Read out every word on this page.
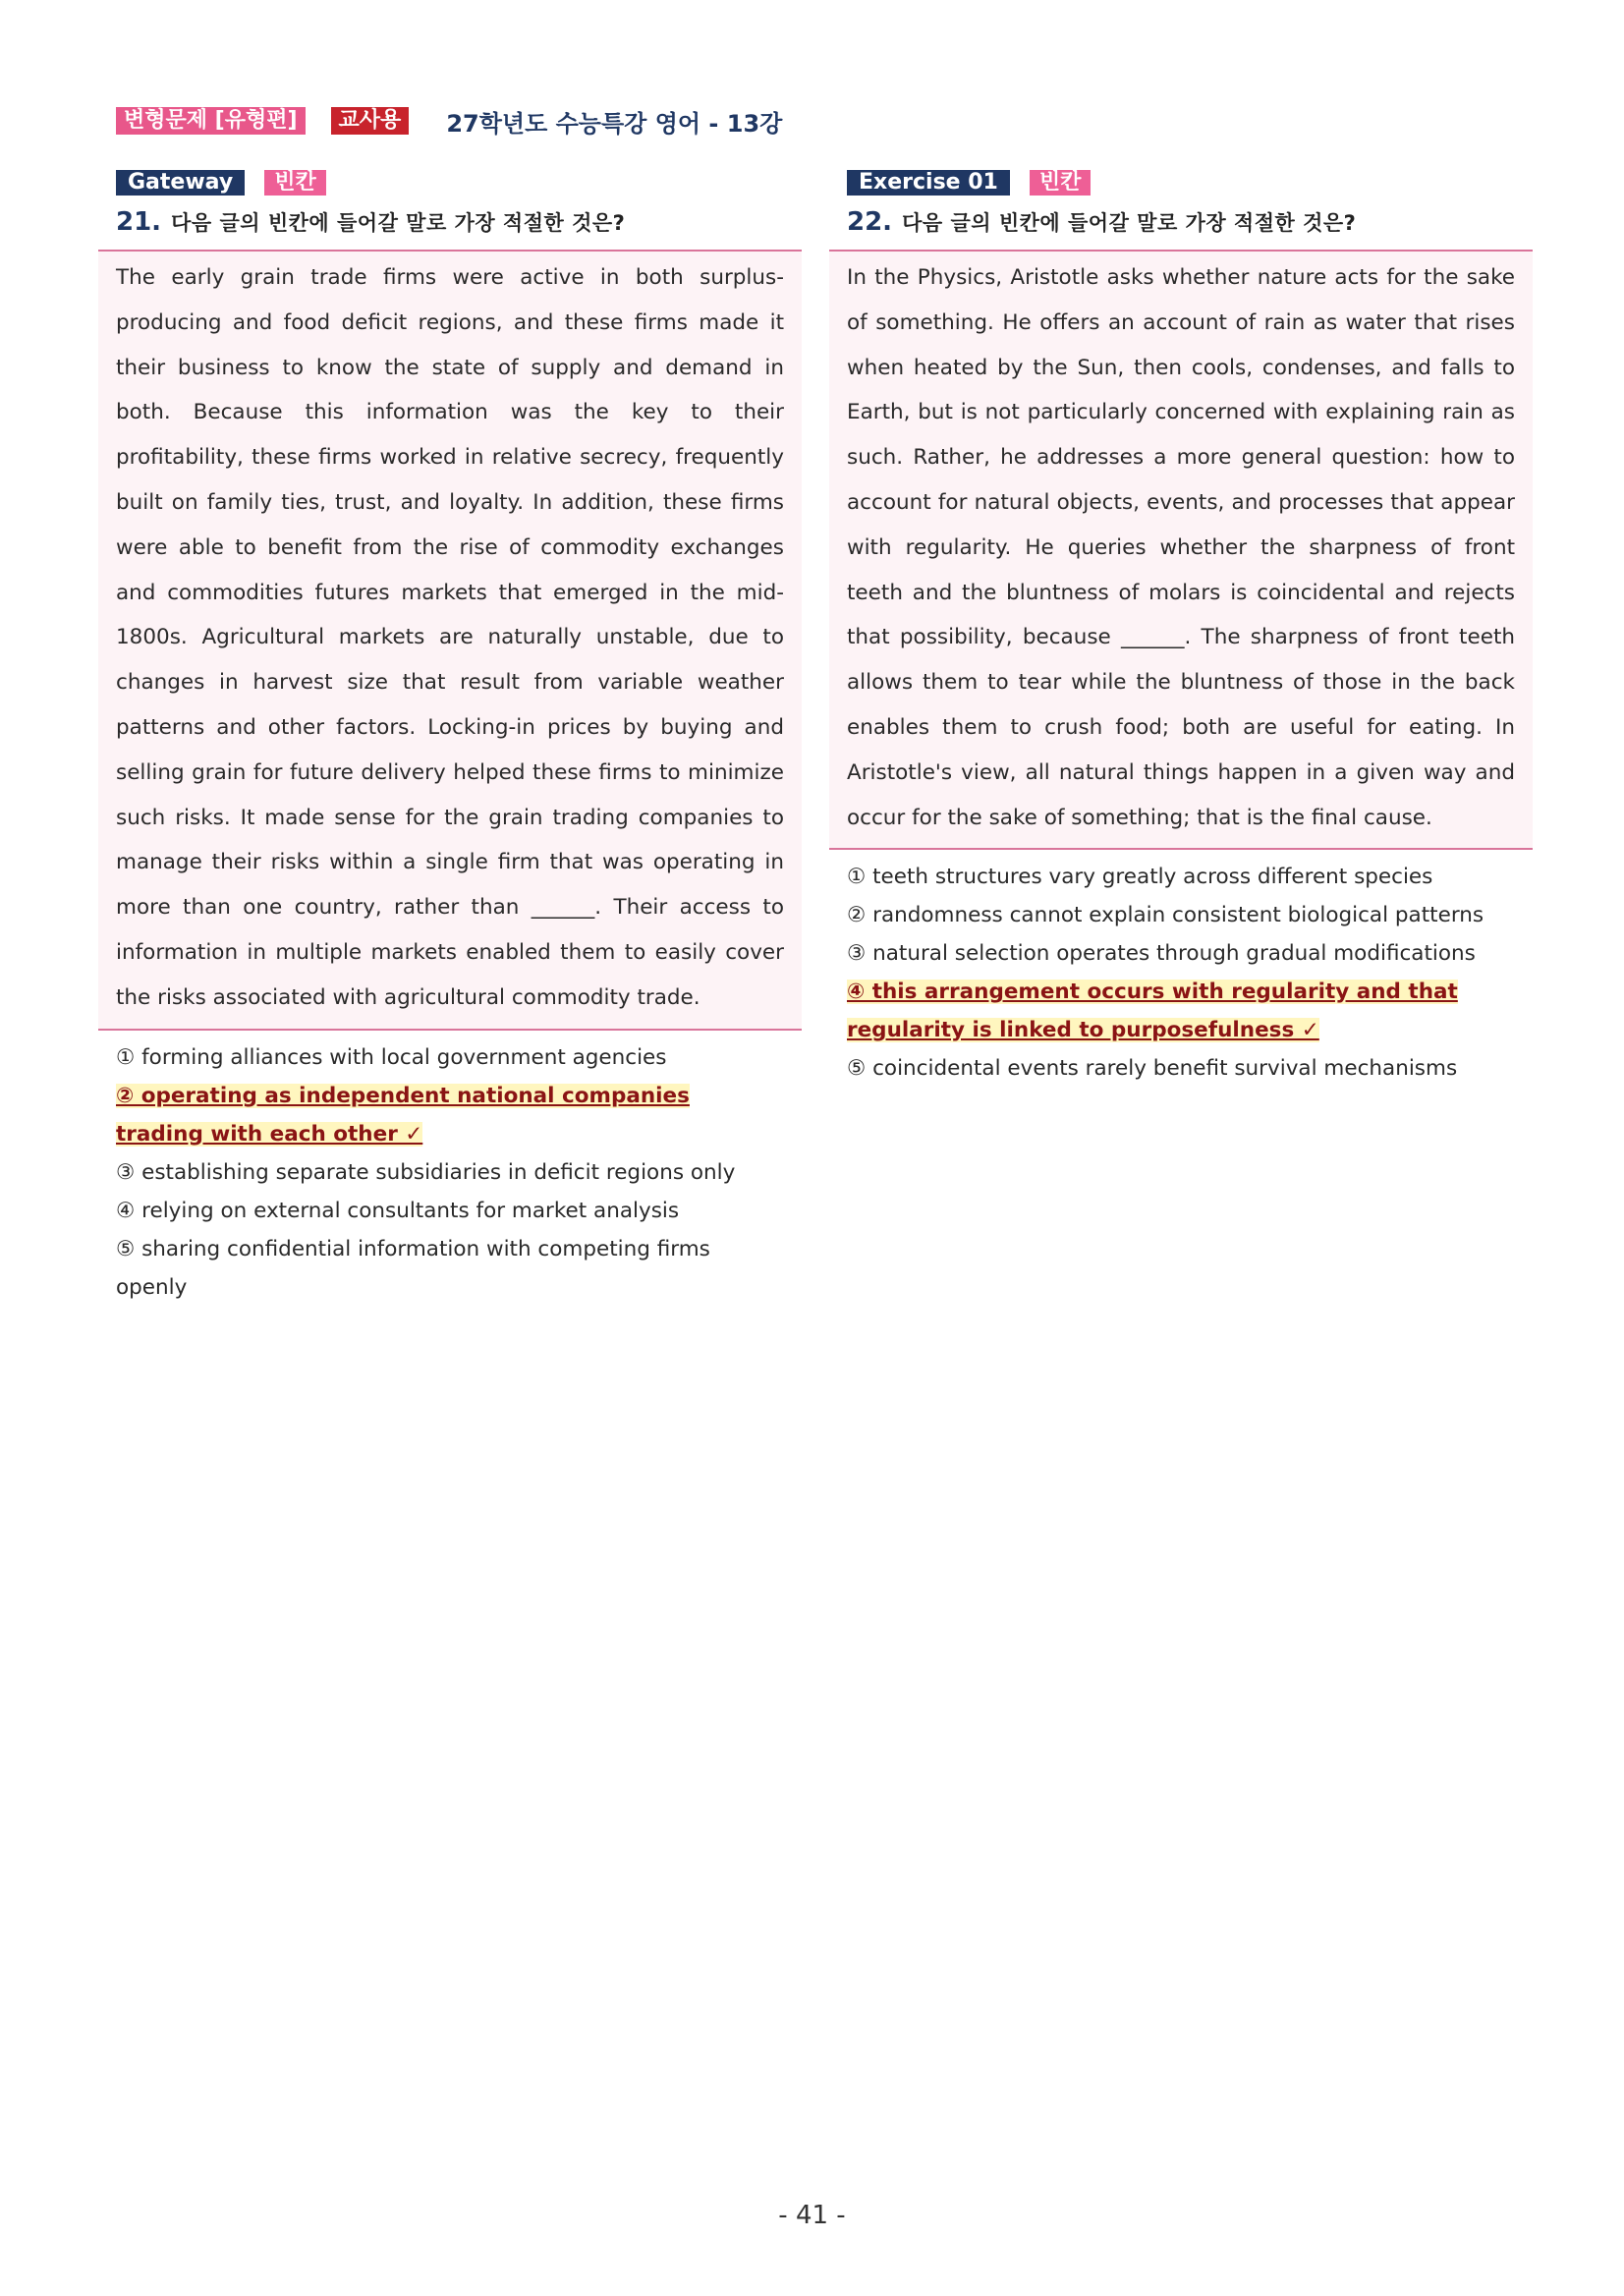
변형문제 [유형편]	교사용	27학년도 수능특강 영어 - 13강
Gateway	빈칸
21. 다음 글의 빈칸에 들어갈 말로 가장 적절한 것은?

The early grain trade firms were active in both surplus-producing and food deficit regions, and these firms made it their business to know the state of supply and demand in both. Because this information was the key to their profitability, these firms worked in relative secrecy, frequently built on family ties, trust, and loyalty. In addition, these firms were able to benefit from the rise of commodity exchanges and commodities futures markets that emerged in the mid-1800s. Agricultural markets are naturally unstable, due to changes in harvest size that result from variable weather patterns and other factors. Locking-in prices by buying and selling grain for future delivery helped these firms to minimize such risks. It made sense for the grain trading companies to manage their risks within a single firm that was operating in more than one country, rather than ______. Their access to information in multiple markets enabled them to easily cover the risks associated with agricultural commodity trade.

① forming alliances with local government agencies
② operating as independent national companies trading with each other ✓
③ establishing separate subsidiaries in deficit regions only
④ relying on external consultants for market analysis
⑤ sharing confidential information with competing firms openly
Exercise 01	빈칸
22. 다음 글의 빈칸에 들어갈 말로 가장 적절한 것은?

In the Physics, Aristotle asks whether nature acts for the sake of something. He offers an account of rain as water that rises when heated by the Sun, then cools, condenses, and falls to Earth, but is not particularly concerned with explaining rain as such. Rather, he addresses a more general question: how to account for natural objects, events, and processes that appear with regularity. He queries whether the sharpness of front teeth and the bluntness of molars is coincidental and rejects that possibility, because ______. The sharpness of front teeth allows them to tear while the bluntness of those in the back enables them to crush food; both are useful for eating. In Aristotle's view, all natural things happen in a given way and occur for the sake of something; that is the final cause.

① teeth structures vary greatly across different species
② randomness cannot explain consistent biological patterns
③ natural selection operates through gradual modifications
④ this arrangement occurs with regularity and that regularity is linked to purposefulness ✓
⑤ coincidental events rarely benefit survival mechanisms
- 41 -
